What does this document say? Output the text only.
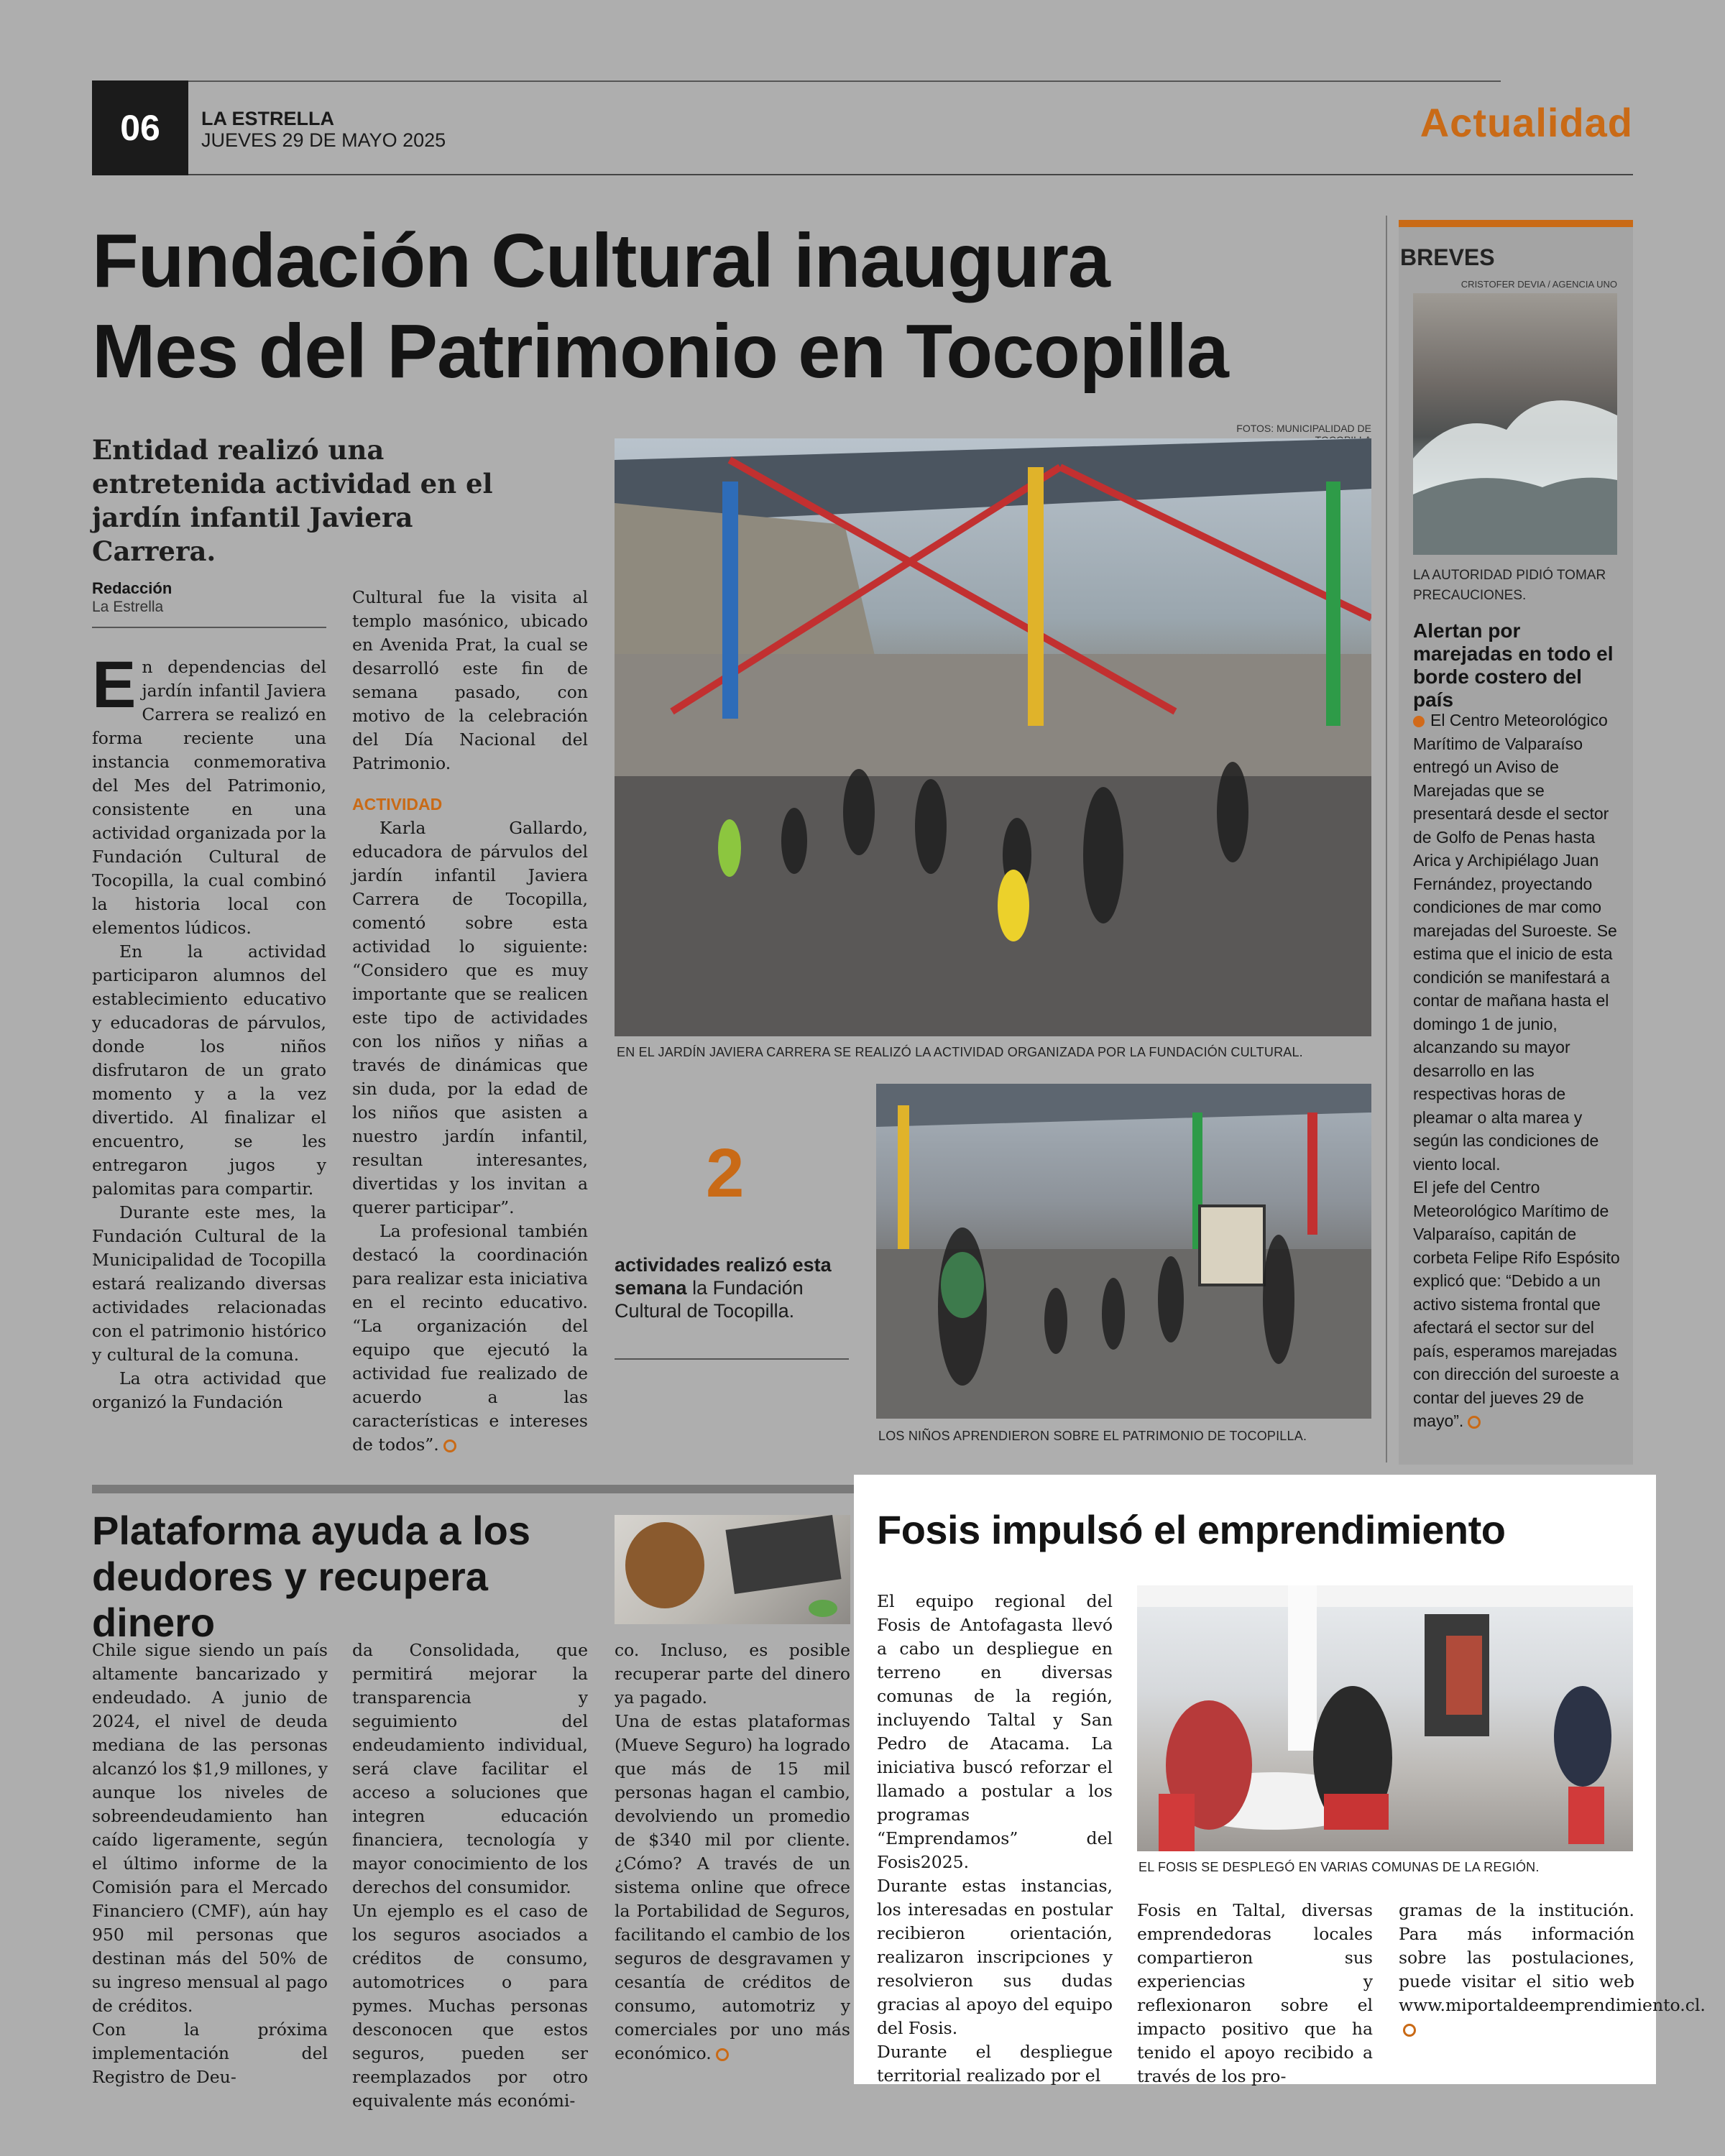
06 LA ESTRELLA
JUEVES 29 DE MAYO 2025	Actualidad
Fundación Cultural inaugura
Mes del Patrimonio en Tocopilla
FOTOS: MUNICIPALIDAD DE
Entidad realizó una entretenida actividad en el jardín infantil Javiera Carrera.
Redacción
La Estrella

En dependencias del jardín infantil Javiera Carrera se realizó en forma reciente una instancia conmemorativa del Mes del Patrimonio, consistente en una actividad organizada por la Fundación Cultural de Tocopilla, la cual combinó la historia local con elementos lúdicos.

En la actividad participaron alumnos del establecimiento educativo y educadoras de párvulos, donde los niños disfrutaron de un grato momento y a la vez divertido. Al finalizar el encuentro, se les entregaron jugos y palomitas para compartir.

Durante este mes, la Fundación Cultural de la Municipalidad de Tocopilla estará realizando diversas actividades relacionadas con el patrimonio histórico y cultural de la comuna.

La otra actividad que organizó la Fundación

Cultural fue la visita al templo masónico, ubicado en Avenida Prat, la cual se desarrolló este fin de semana pasado, con motivo de la celebración del Día Nacional del Patrimonio.

ACTIVIDAD

Karla Gallardo, educadora de párvulos del jardín infantil Javiera Carrera de Tocopilla, comentó sobre esta actividad lo siguiente: “Considero que es muy importante que se realicen este tipo de actividades con los niños y niñas a través de dinámicas que sin duda, por la edad de los niños que asisten a nuestro jardín infantil, resultan interesantes, divertidas y los invitan a querer participar”.

La profesional también destacó la coordinación para realizar esta iniciativa en el recinto educativo. “La organización del equipo que ejecutó la actividad fue realizado de acuerdo a las características e intereses de todos”.

EN EL JARDÍN JAVIERA CARRERA SE REALIZÓ LA ACTIVIDAD ORGANIZADA POR LA FUNDACIÓN CULTURAL.
2
actividades realizó esta semana la Fundación Cultural de Tocopilla.
LOS NIÑOS APRENDIERON SOBRE EL PATRIMONIO DE TOCOPILLA.
BREVES
CRISTOFER DEVIA / AGENCIA UNO
LA AUTORIDAD PIDIÓ TOMAR PRECAUCIONES.
Alertan por marejadas en todo el borde costero del país

El Centro Meteorológico Marítimo de Valparaíso entregó un Aviso de Marejadas que se presentará desde el sector de Golfo de Penas hasta Arica y Archipiélago Juan Fernández, proyectando condiciones de mar como marejadas del Suroeste. Se estima que el inicio de esta condición se manifestará a contar de mañana hasta el domingo 1 de junio, alcanzando su mayor desarrollo en las respectivas horas de pleamar o alta marea y según las condiciones de viento local.

El jefe del Centro Meteorológico Marítimo de Valparaíso, capitán de corbeta Felipe Rifo Espósito explicó que: “Debido a un activo sistema frontal que afectará el sector sur del país, esperamos marejadas con dirección del suroeste a contar del jueves 29 de mayo”.

Plataforma ayuda a los
deudores y recupera dinero

Chile sigue siendo un país altamente bancarizado y endeudado. A junio de 2024, el nivel de deuda mediana de las personas alcanzó los $1,9 millones, y aunque los niveles de sobreendeudamiento han caído ligeramente, según el último informe de la Comisión para el Mercado Financiero (CMF), aún hay 950 mil personas que destinan más del 50% de su ingreso mensual al pago de créditos.

Con la próxima implementación del Registro de Deu-

da Consolidada, que permitirá mejorar la transparencia y seguimiento del endeudamiento individual, será clave facilitar el acceso a soluciones que integren educación financiera, tecnología y mayor conocimiento de los derechos del consumidor.

Un ejemplo es el caso de los seguros asociados a créditos de consumo, automotrices o para pymes. Muchas personas desconocen que estos seguros, pueden ser reemplazados por otro equivalente más económi-

co. Incluso, es posible recuperar parte del dinero ya pagado.

Una de estas plataformas (Mueve Seguro) ha logrado que más de 15 mil personas hagan el cambio, devolviendo un promedio de $340 mil por cliente. ¿Cómo? A través de un sistema online que ofrece la Portabilidad de Seguros, facilitando el cambio de los seguros de desgravamen y cesantía de créditos de consumo, automotriz y comerciales por uno más económico.

Fosis impulsó el emprendimiento
EL FOSIS SE DESPLEGÓ EN VARIAS COMUNAS DE LA REGIÓN.

El equipo regional del Fosis de Antofagasta llevó a cabo un despliegue en terreno en diversas comunas de la región, incluyendo Taltal y San Pedro de Atacama. La iniciativa buscó reforzar el llamado a postular a los programas “Emprendamos” del Fosis2025.

Durante estas instancias, los interesadas en postular recibieron orientación, realizaron inscripciones y resolvieron sus dudas gracias al apoyo del equipo del Fosis.

Durante el despliegue territorial realizado por el

Fosis en Taltal, diversas emprendedoras locales compartieron sus experiencias y reflexionaron sobre el impacto positivo que ha tenido el apoyo recibido a través de los pro-

gramas de la institución. Para más información sobre las postulaciones, puede visitar el sitio web www.miportaldeemprendimiento.cl.
